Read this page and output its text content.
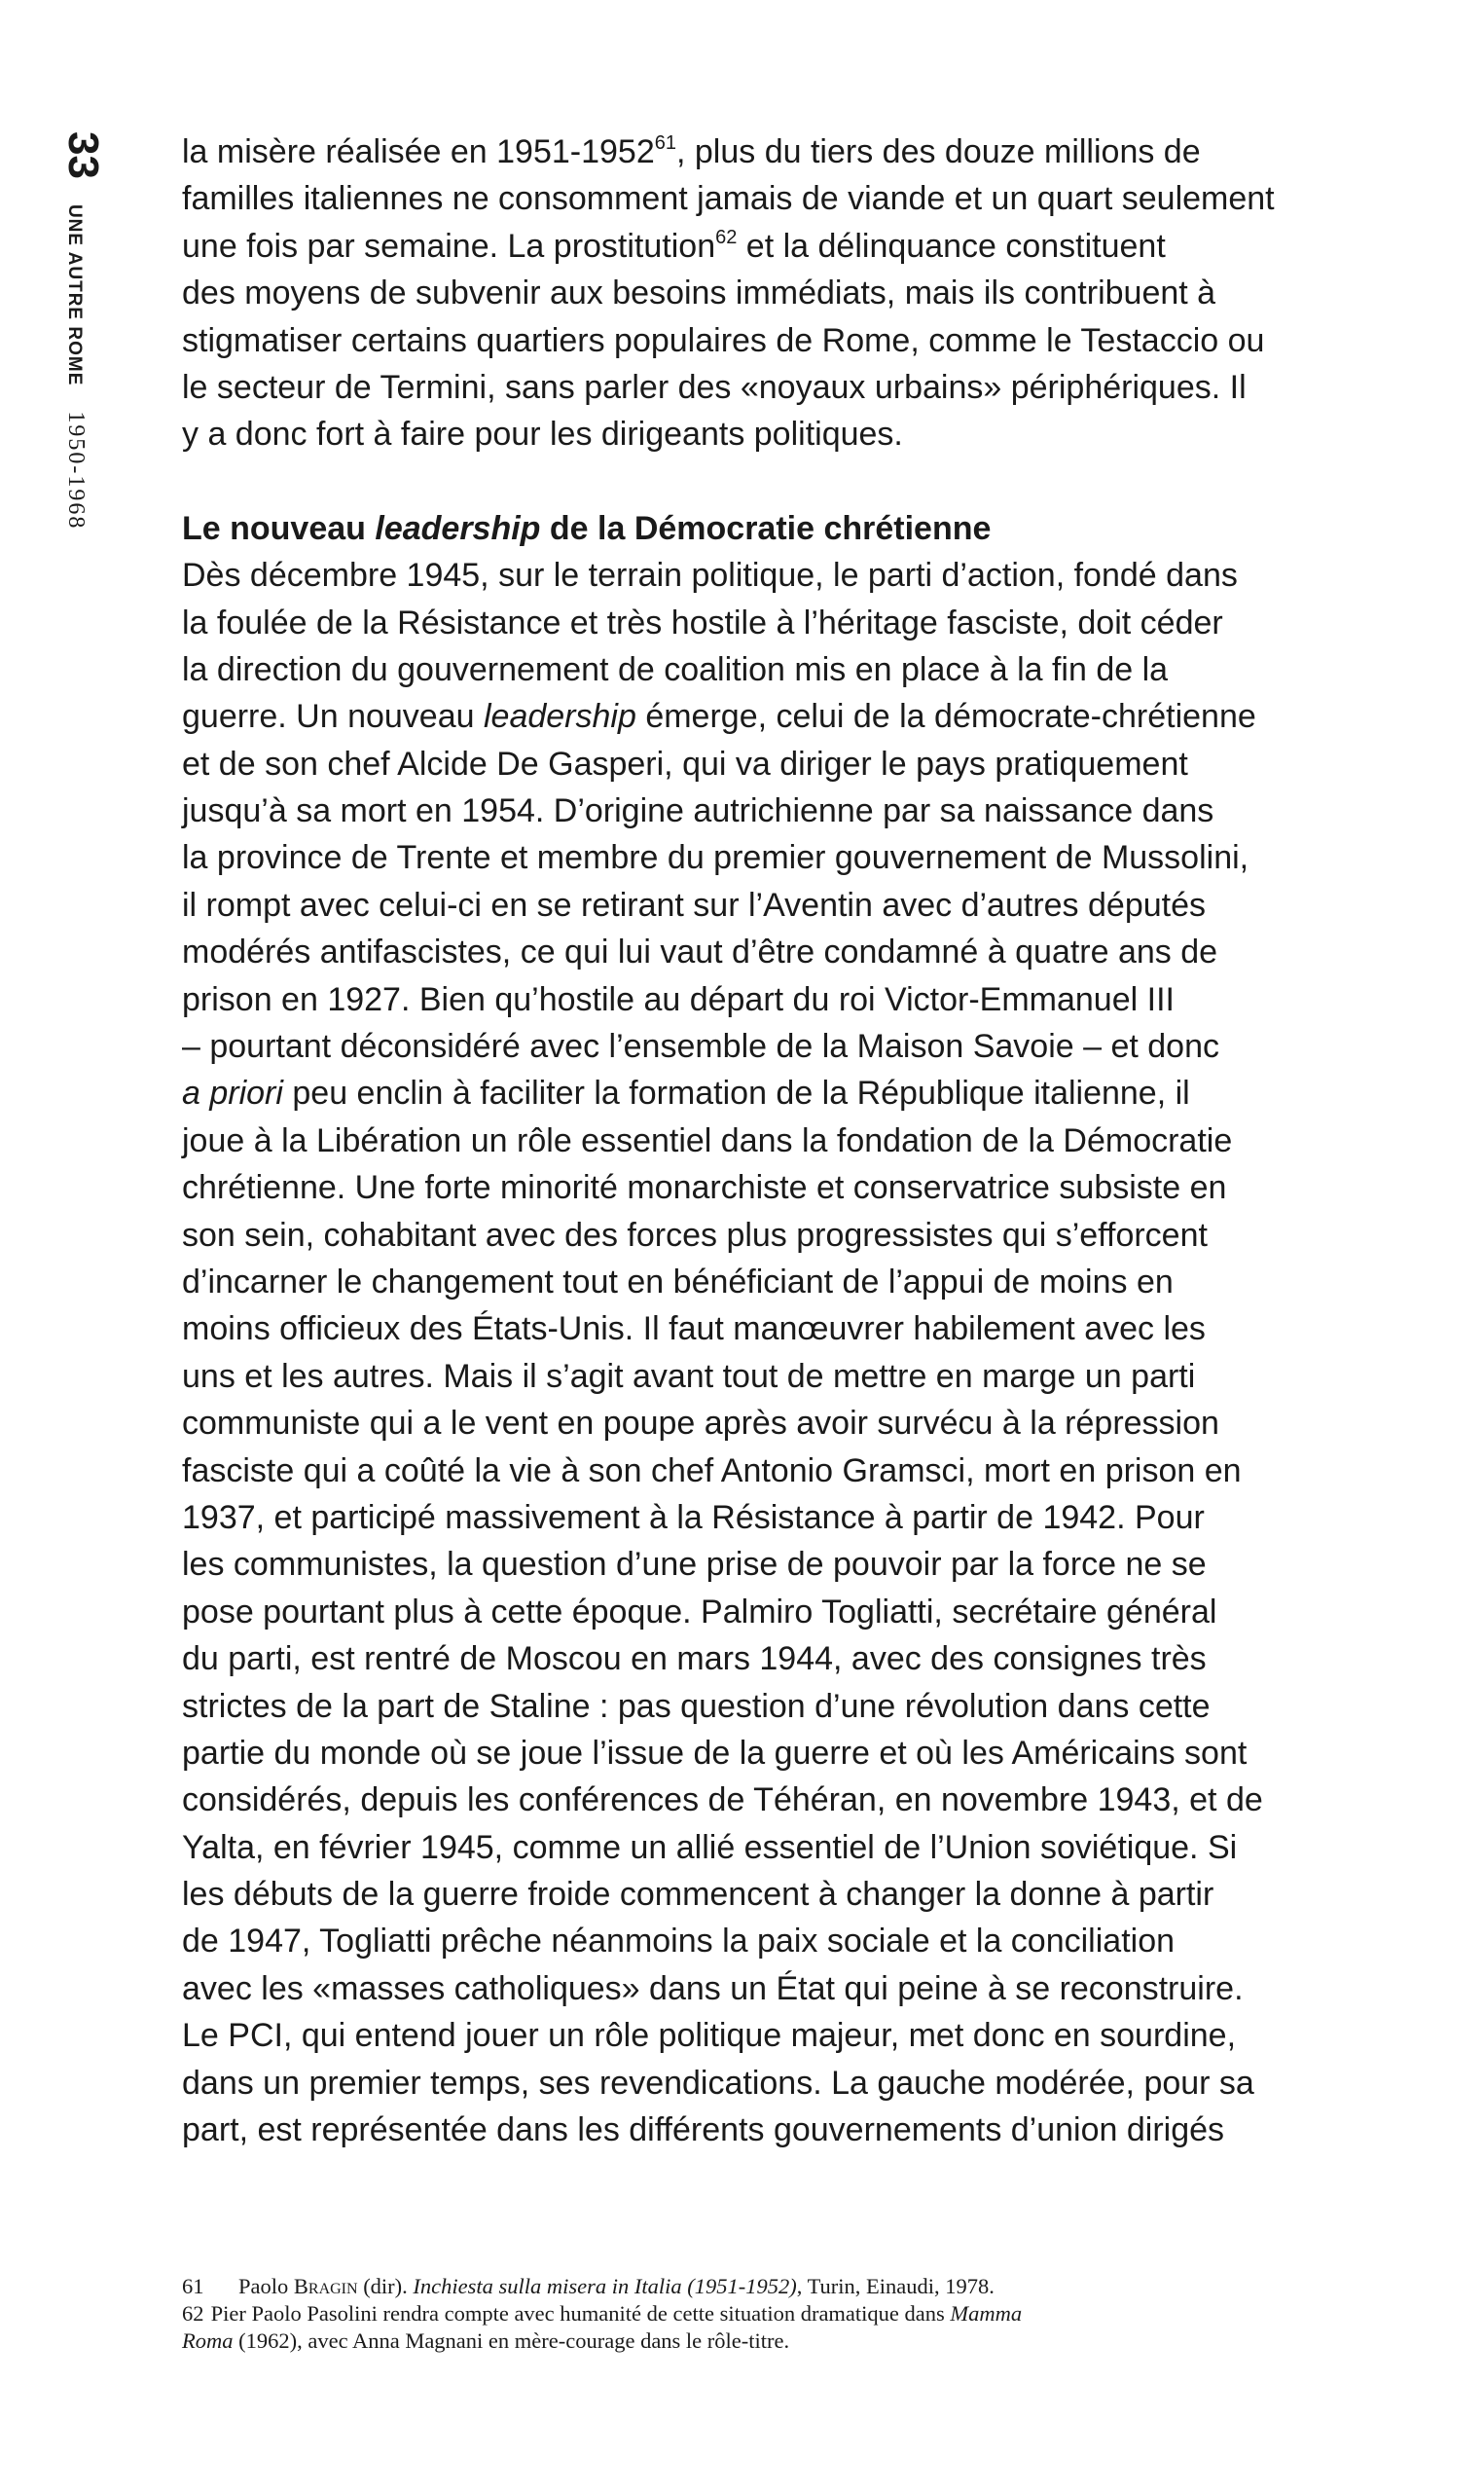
33
UNE AUTRE ROME
1950-1968
la misère réalisée en 1951-1952$^{61}$, plus du tiers des douze millions de
familles italiennes ne consomment jamais de viande et un quart seulement
une fois par semaine. La prostitution$^{62}$ et la délinquance constituent
des moyens de subvenir aux besoins immédiats, mais ils contribuent à
stigmatiser certains quartiers populaires de Rome, comme le Testaccio ou
le secteur de Termini, sans parler des «noyaux urbains» périphériques. Il
y a donc fort à faire pour les dirigeants politiques.
Le nouveau leadership de la Démocratie chrétienne
Dès décembre 1945, sur le terrain politique, le parti d’action, fondé dans
la foulée de la Résistance et très hostile à l’héritage fasciste, doit céder
la direction du gouvernement de coalition mis en place à la fin de la
guerre. Un nouveau leadership émerge, celui de la démocrate-chrétienne
et de son chef Alcide De Gasperi, qui va diriger le pays pratiquement
jusqu’à sa mort en 1954. D’origine autrichienne par sa naissance dans
la province de Trente et membre du premier gouvernement de Mussolini,
il rompt avec celui-ci en se retirant sur l’Aventin avec d’autres députés
modérés antifascistes, ce qui lui vaut d’être condamné à quatre ans de
prison en 1927. Bien qu’hostile au départ du roi Victor-Emmanuel III
– pourtant déconsidéré avec l’ensemble de la Maison Savoie – et donc
a priori peu enclin à faciliter la formation de la République italienne, il
joue à la Libération un rôle essentiel dans la fondation de la Démocratie
chrétienne. Une forte minorité monarchiste et conservatrice subsiste en
son sein, cohabitant avec des forces plus progressistes qui s’efforcent
d’incarner le changement tout en bénéficiant de l’appui de moins en
moins officieux des États-Unis. Il faut manœuvrer habilement avec les
uns et les autres. Mais il s’agit avant tout de mettre en marge un parti
communiste qui a le vent en poupe après avoir survécu à la répression
fasciste qui a coûté la vie à son chef Antonio Gramsci, mort en prison en
1937, et participé massivement à la Résistance à partir de 1942. Pour
les communistes, la question d’une prise de pouvoir par la force ne se
pose pourtant plus à cette époque. Palmiro Togliatti, secrétaire général
du parti, est rentré de Moscou en mars 1944, avec des consignes très
strictes de la part de Staline : pas question d’une révolution dans cette
partie du monde où se joue l’issue de la guerre et où les Américains sont
considérés, depuis les conférences de Téhéran, en novembre 1943, et de
Yalta, en février 1945, comme un allié essentiel de l’Union soviétique. Si
les débuts de la guerre froide commencent à changer la donne à partir
de 1947, Togliatti prêche néanmoins la paix sociale et la conciliation
avec les «masses catholiques» dans un État qui peine à se reconstruire.
Le PCI, qui entend jouer un rôle politique majeur, met donc en sourdine,
dans un premier temps, ses revendications. La gauche modérée, pour sa
part, est représentée dans les différents gouvernements d’union dirigés
61 Paolo Bragin (dir). Inchiesta sulla misera in Italia (1951-1952), Turin, Einaudi, 1978.
62 Pier Paolo Pasolini rendra compte avec humanité de cette situation dramatique dans Mamma
Roma (1962), avec Anna Magnani en mère-courage dans le rôle-titre.
